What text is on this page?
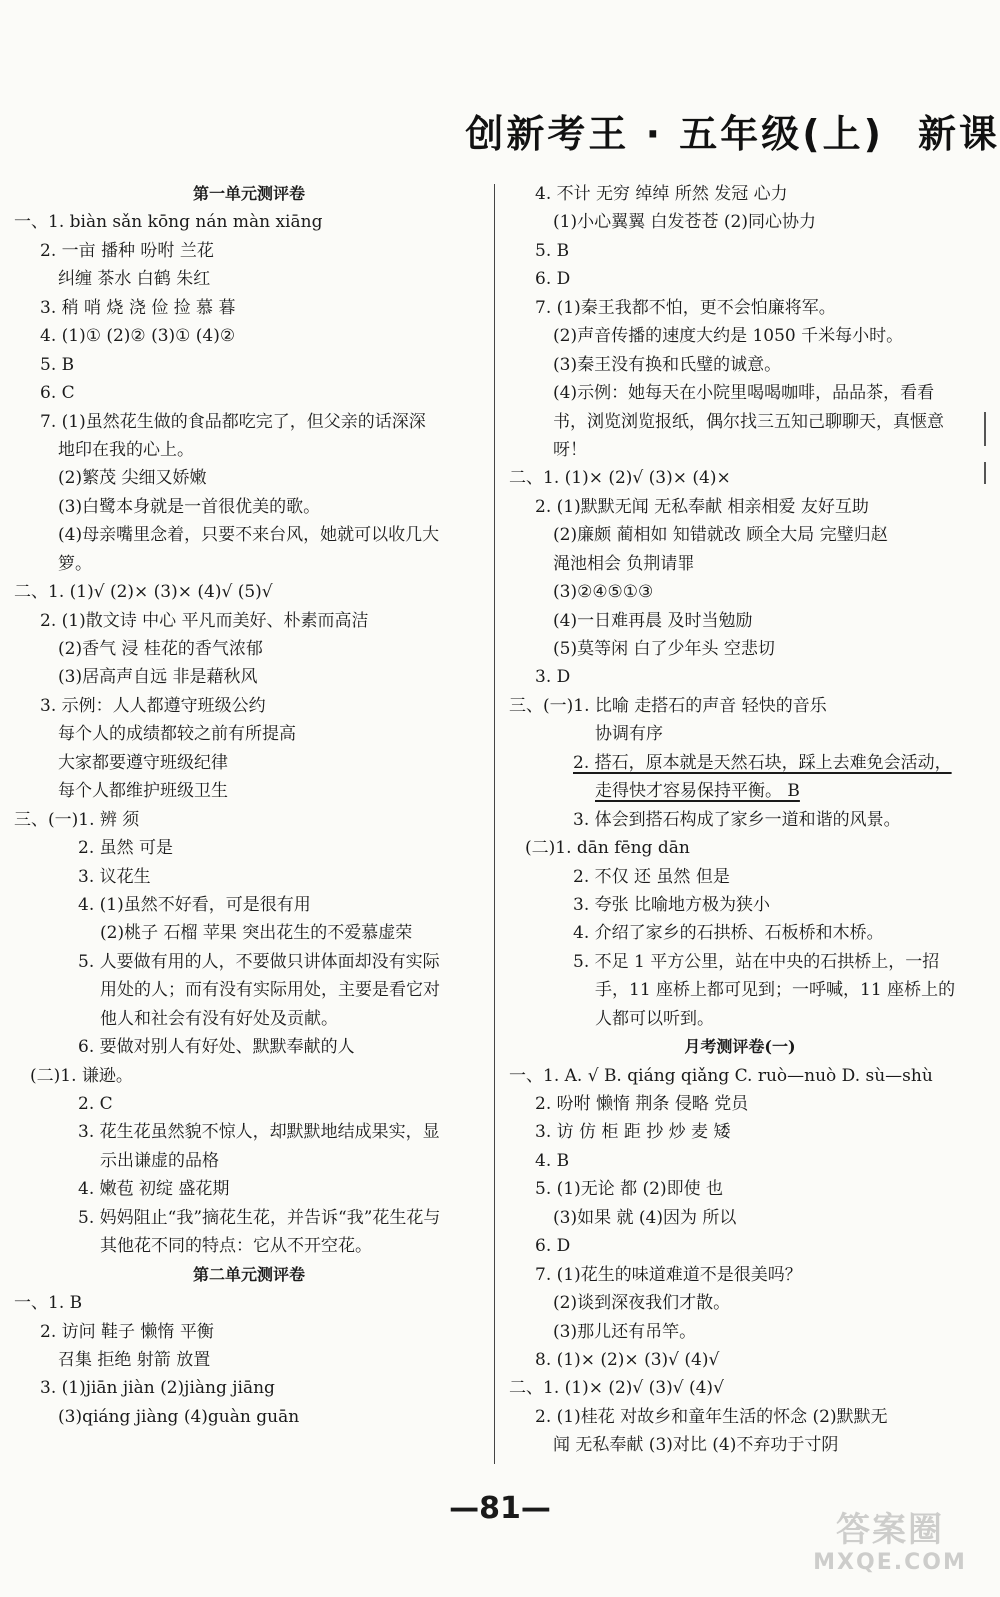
创新考王 · 五年级(上) 新课
第一单元测评卷
一、1. biàn sǎn kōng nán màn xiāng
2. 一亩 播种 吩咐 兰花
纠缠 茶水 白鹤 朱红
3. 稍 哨 烧 浇 俭 捡 慕 暮
4. (1)① (2)② (3)① (4)②
5. B
6. C
7. (1)虽然花生做的食品都吃完了，但父亲的话深深
地印在我的心上。
(2)繁茂 尖细又娇嫩
(3)白鹭本身就是一首很优美的歌。
(4)母亲嘴里念着，只要不来台风，她就可以收几大
箩。
二、1. (1)√ (2)× (3)× (4)√ (5)√
2. (1)散文诗 中心 平凡而美好、朴素而高洁
(2)香气 浸 桂花的香气浓郁
(3)居高声自远 非是藉秋风
3. 示例：人人都遵守班级公约
每个人的成绩都较之前有所提高
大家都要遵守班级纪律
每个人都维护班级卫生
三、(一)1. 辨 须
2. 虽然 可是
3. 议花生
4. (1)虽然不好看，可是很有用
(2)桃子 石榴 苹果 突出花生的不爱慕虚荣
5. 人要做有用的人，不要做只讲体面却没有实际
用处的人；而有没有实际用处，主要是看它对
他人和社会有没有好处及贡献。
6. 要做对别人有好处、默默奉献的人
(二)1. 谦逊。
2. C
3. 花生花虽然貌不惊人，却默默地结成果实，显
示出谦虚的品格
4. 嫩苞 初绽 盛花期
5. 妈妈阻止“我”摘花生花，并告诉“我”花生花与
其他花不同的特点：它从不开空花。
第二单元测评卷
一、1. B
2. 访问 鞋子 懒惰 平衡
召集 拒绝 射箭 放置
3. (1)jiān jiàn (2)jiàng jiāng
(3)qiáng jiàng (4)guàn guān
4. 不计 无穷 绰绰 所然 发冠 心力
(1)小心翼翼 白发苍苍 (2)同心协力
5. B
6. D
7. (1)秦王我都不怕，更不会怕廉将军。
(2)声音传播的速度大约是 1050 千米每小时。
(3)秦王没有换和氏璧的诚意。
(4)示例：她每天在小院里喝喝咖啡，品品茶，看看
书，浏览浏览报纸，偶尔找三五知己聊聊天，真惬意
呀！
二、1. (1)× (2)√ (3)× (4)×
2. (1)默默无闻 无私奉献 相亲相爱 友好互助
(2)廉颇 蔺相如 知错就改 顾全大局 完璧归赵
渑池相会 负荆请罪
(3)②④⑤①③
(4)一日难再晨 及时当勉励
(5)莫等闲 白了少年头 空悲切
3. D
三、(一)1. 比喻 走搭石的声音 轻快的音乐
协调有序
2. 搭石，原本就是天然石块，踩上去难免会活动，
走得快才容易保持平衡。 B
3. 体会到搭石构成了家乡一道和谐的风景。
(二)1. dān fēng dān
2. 不仅 还 虽然 但是
3. 夸张 比喻地方极为狭小
4. 介绍了家乡的石拱桥、石板桥和木桥。
5. 不足 1 平方公里，站在中央的石拱桥上，一招
手，11 座桥上都可见到；一呼喊，11 座桥上的
人都可以听到。
月考测评卷(一)
一、1. A. √ B. qiáng qiǎng C. ruò—nuò D. sù—shù
2. 吩咐 懒惰 荆条 侵略 党员
3. 访 仿 柜 距 抄 炒 麦 矮
4. B
5. (1)无论 都 (2)即使 也
(3)如果 就 (4)因为 所以
6. D
7. (1)花生的味道难道不是很美吗？
(2)谈到深夜我们才散。
(3)那儿还有吊竿。
8. (1)× (2)× (3)√ (4)√
二、1. (1)× (2)√ (3)√ (4)√
2. (1)桂花 对故乡和童年生活的怀念 (2)默默无
闻 无私奉献 (3)对比 (4)不弃功于寸阴
—81—
答案圈
MXQE.COM
